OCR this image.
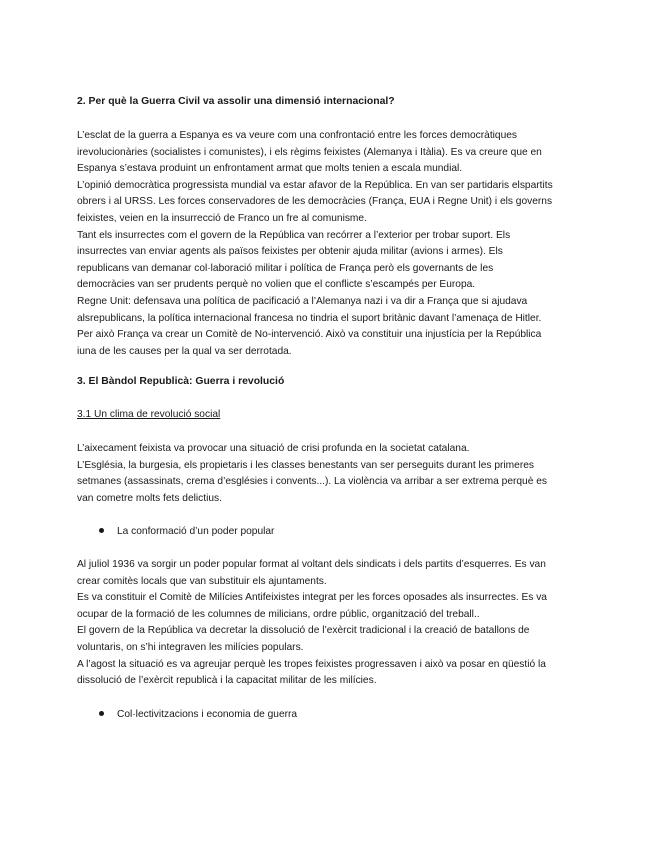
2. Per què la Guerra Civil va assolir una dimensió internacional?
L’esclat de la guerra a Espanya es va veure com una confrontació entre les forces democràtiques
irevolucionàries (socialistes i comunistes), i els règims feixistes (Alemanya i Itàlia). Es va creure que en
Espanya s’estava produint un enfrontament armat que molts tenien a escala mundial.
L’opinió democràtica progressista mundial va estar afavor de la República. En van ser partidaris elspartits
obrers i al URSS. Les forces conservadores de les democràcies (França, EUA i Regne Unit) i els governs
feixistes, veien en la insurrecció de Franco un fre al comunisme.
Tant els insurrectes com el govern de la República van recórrer a l’exterior per trobar suport. Els
insurrectes van enviar agents als països feixistes per obtenir ajuda militar (avions i armes). Els
republicans van demanar col·laboració militar i política de França però els governants de les
democràcies van ser prudents perquè no volien que el conflicte s’escampés per Europa.
Regne Unit: defensava una política de pacificació a l’Alemanya nazi i va dir a França que si ajudava
alsrepublicans, la política internacional francesa no tindria el suport britànic davant l’amenaça de Hitler.
Per això França va crear un Comitè de No-intervenció. Això va constituir una injustícia per la República
iuna de les causes per la qual va ser derrotada.
3. El Bàndol Republicà: Guerra i revolució
3.1 Un clima de revolució social
L’aixecament feixista va provocar una situació de crisi profunda en la societat catalana.
L’Església, la burgesia, els propietaris i les classes benestants van ser perseguits durant les primeres
setmanes (assassinats, crema d’esglésies i convents...). La violència va arribar a ser extrema perquè es
van cometre molts fets delictius.
La conformació d’un poder popular
Al juliol 1936 va sorgir un poder popular format al voltant dels sindicats i dels partits d’esquerres. Es van
crear comitès locals que van substituir els ajuntaments.
Es va constituir el Comitè de Milícies Antifeixistes integrat per les forces oposades als insurrectes. Es va
ocupar de la formació de les columnes de milicians, ordre públic, organització del treball..
El govern de la República va decretar la dissolució de l’exèrcit tradicional i la creació de batallons de
voluntaris, on s’hi integraven les milícies populars.
A l’agost la situació es va agreujar perquè les tropes feixistes progressaven i això va posar en qüestió la
dissolució de l’exèrcit republicà i la capacitat militar de les milícies.
Col·lectivitzacions i economia de guerra
